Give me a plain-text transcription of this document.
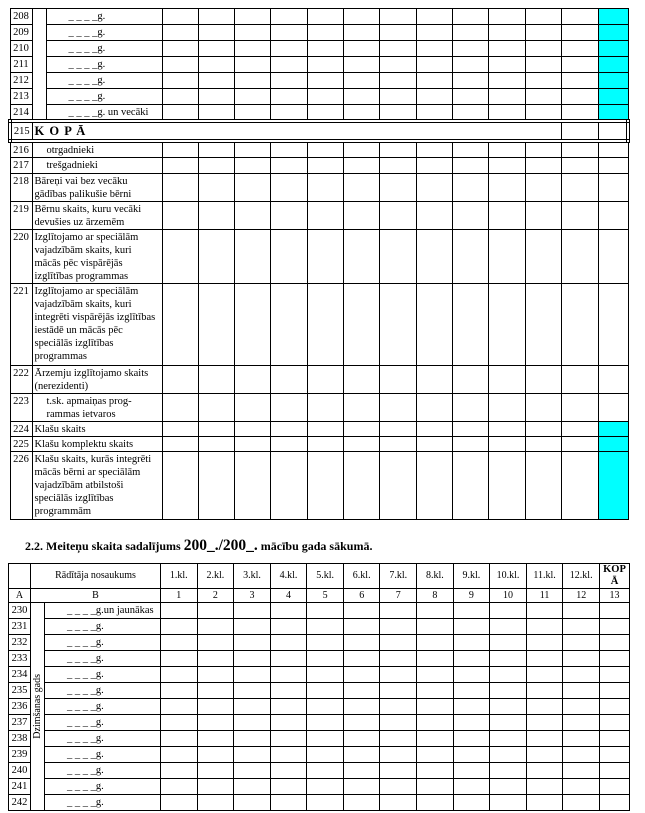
208		_ _ _ _g.													
209		_ _ _ _g.													
210		_ _ _ _g.													
211		_ _ _ _g.													
212		_ _ _ _g.													
213		_ _ _ _g.													
214		_ _ _ _g. un vecāki													
215	K O P Ā														
216	otrgadnieki														
217	trešgadnieki														
218	Bāreņi vai bez vecāku gādības palikušie bērni														
219	Bērnu skaits, kuru vecāki devušies uz ārzemēm														
220	Izglītojamo ar speciālām vajadzībām skaits, kuri mācās pēc vispārējās izglītības programmas														
221	Izglītojamo ar speciālām vajadzībām skaits, kuri integrēti vispārējās izglītības iestādē un mācās pēc speciālās izglītības programmas														
222	Ārzemju izglītojamo skaits (nerezidenti)														
223	t.sk. apmaiņas prog- rammas ietvaros														
224	Klašu skaits														
225	Klašu komplektu skaits														
226	Klašu skaits, kurās integrēti mācās bērni ar speciālām vajadzībām atbilstoši speciālās izglītības programmām														

2.2. Meiteņu skaita sadalījums 200_./200_. mācību gada sākumā.

	Rādītāja nosaukums		1.kl.	2.kl.	3.kl.	4.kl.	5.kl.	6.kl.	7.kl.	8.kl.	9.kl.	10.kl.	11.kl.	12.kl.	KOPĀ
A	B		1	2	3	4	5	6	7	8	9	10	11	12	13
230	Dzimšanas gads	_ _ _ _g.un jaunākas													
231		_ _ _ _g.													
232		_ _ _ _g.													
233		_ _ _ _g.													
234		_ _ _ _g.													
235		_ _ _ _g.													
236		_ _ _ _g.													
237		_ _ _ _g.													
238		_ _ _ _g.													
239		_ _ _ _g.													
240		_ _ _ _g.													
241		_ _ _ _g.													
242		_ _ _ _g.													
